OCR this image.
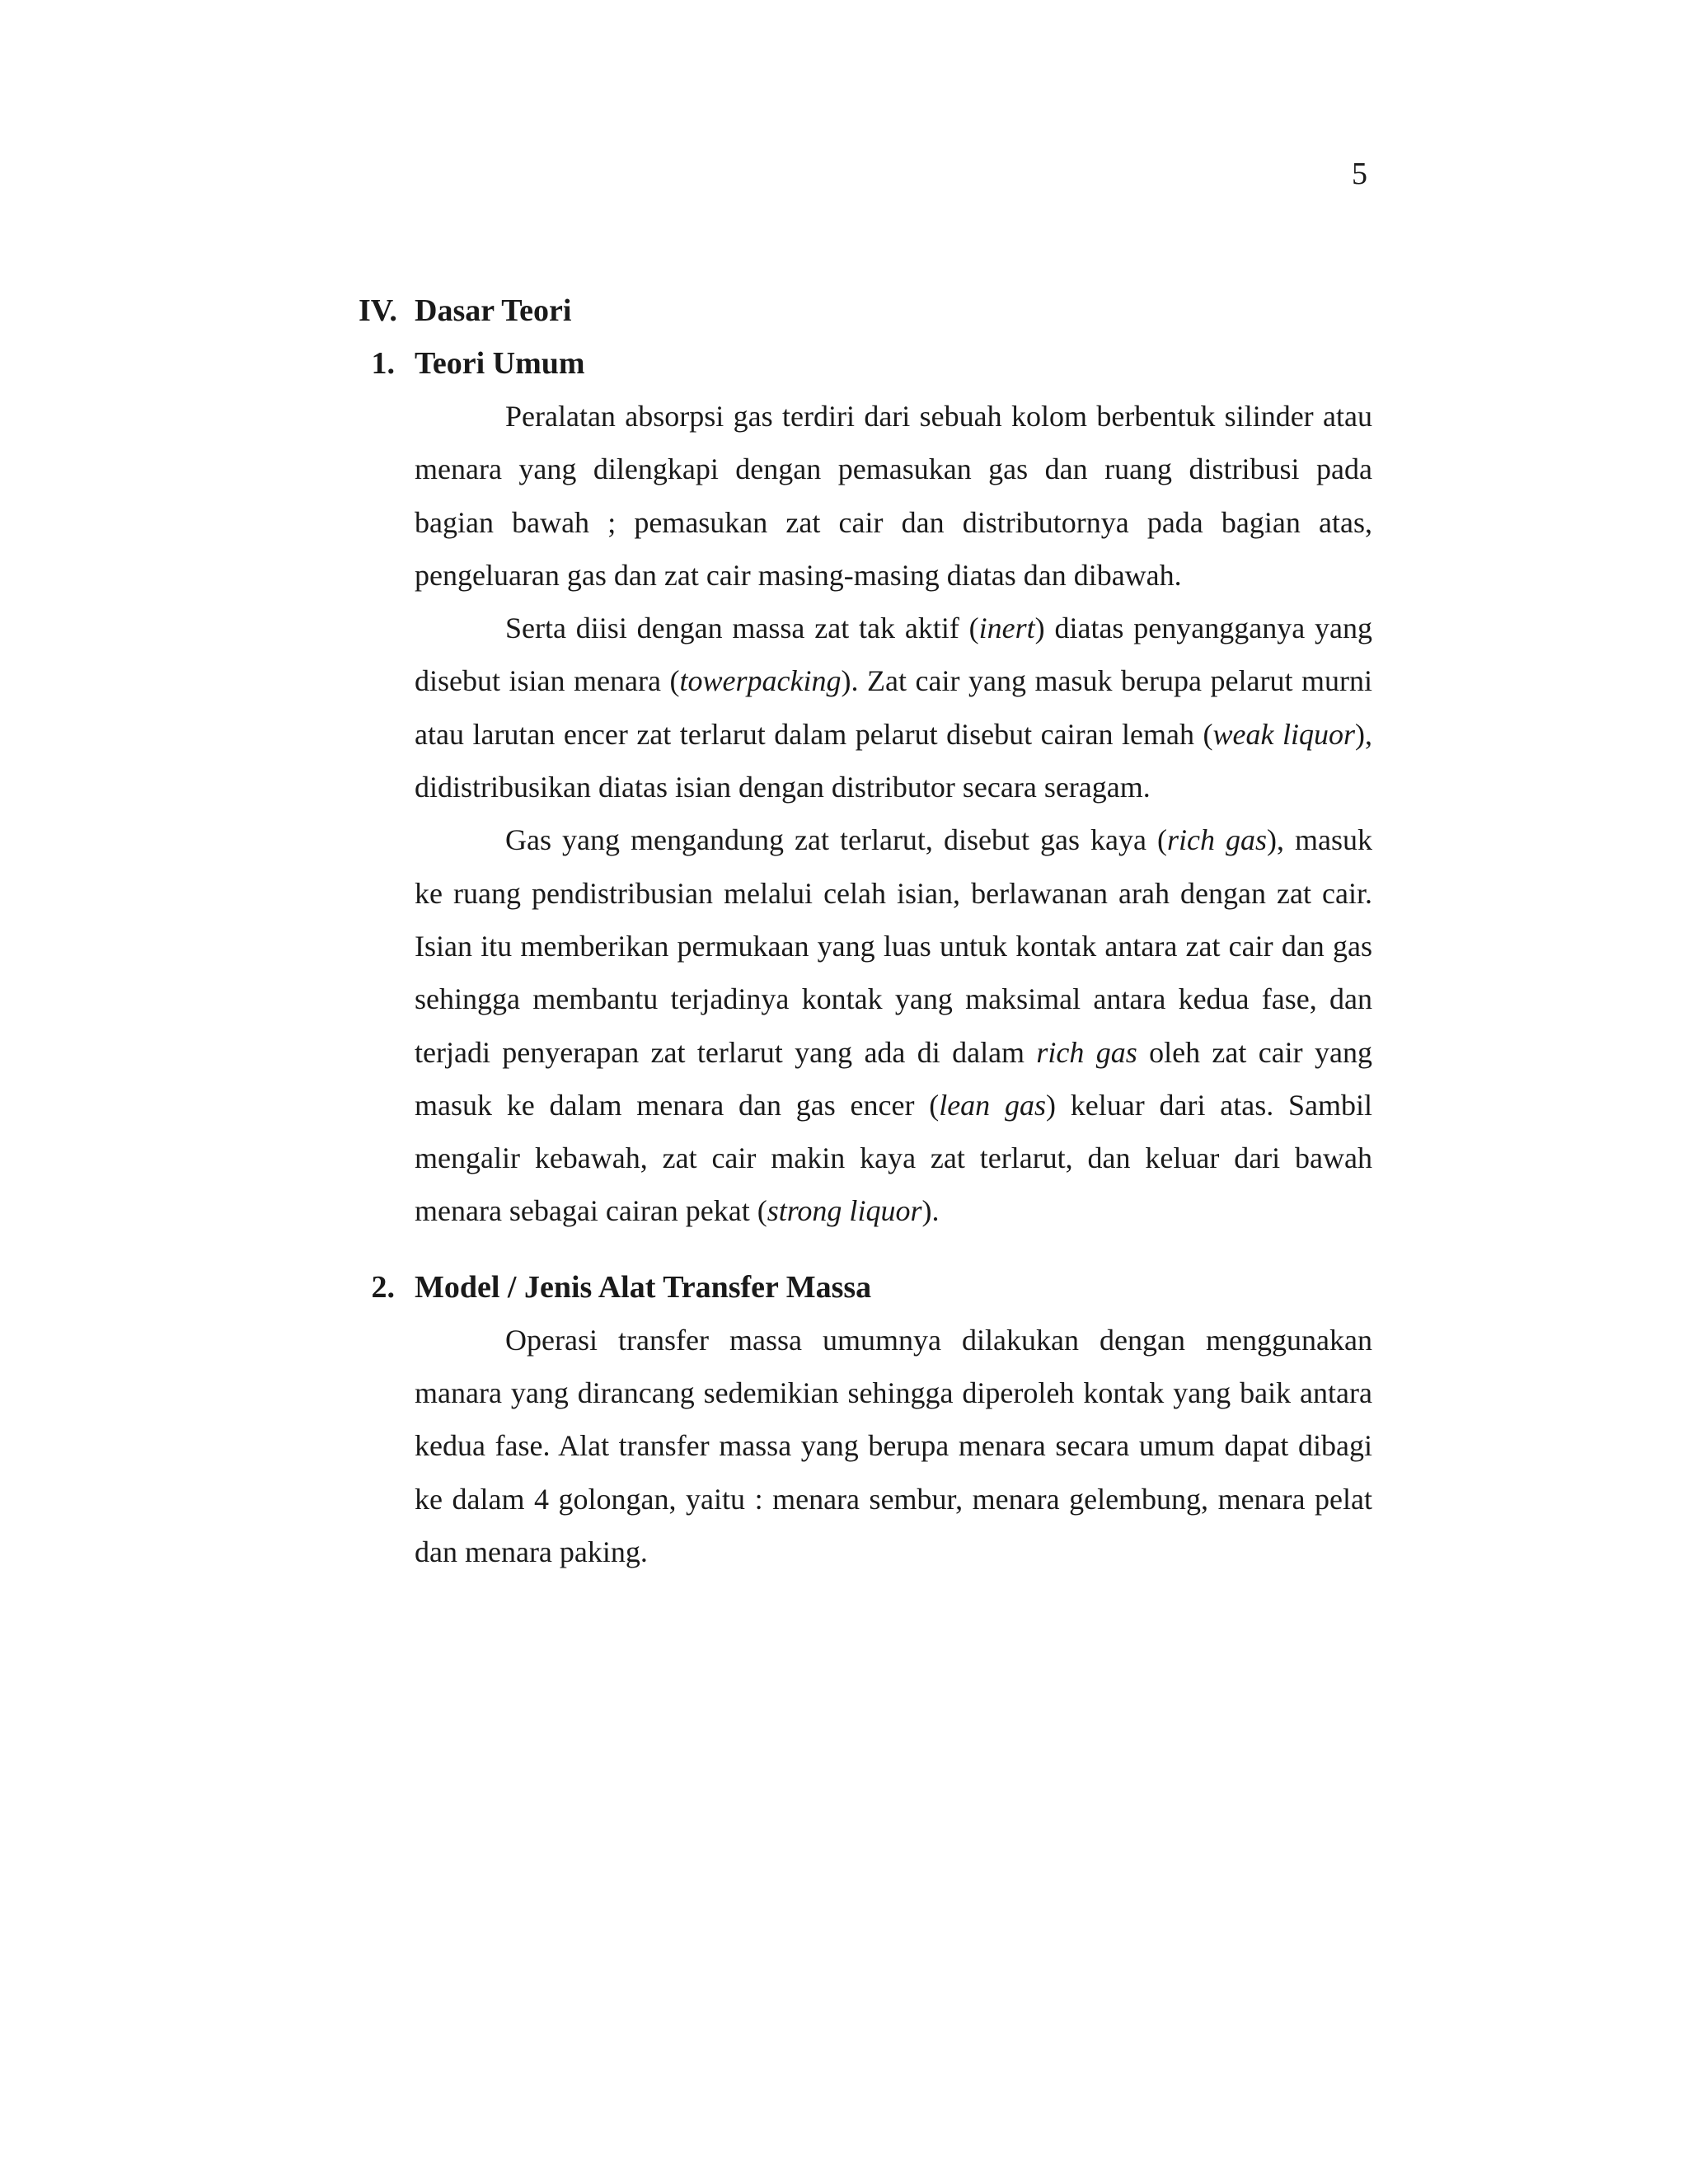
5
IV. Dasar Teori
1. Teori Umum

Peralatan absorpsi gas terdiri dari sebuah kolom berbentuk silinder atau menara yang dilengkapi dengan pemasukan gas dan ruang distribusi pada bagian bawah ; pemasukan zat cair dan distributornya pada bagian atas, pengeluaran gas dan zat cair masing-masing diatas dan dibawah.

Serta diisi dengan massa zat tak aktif (inert) diatas penyangganya yang disebut isian menara (towerpacking). Zat cair yang masuk berupa pelarut murni atau larutan encer zat terlarut dalam pelarut disebut cairan lemah (weak liquor), didistribusikan diatas isian dengan distributor secara seragam.

Gas yang mengandung zat terlarut, disebut gas kaya (rich gas), masuk ke ruang pendistribusian melalui celah isian, berlawanan arah dengan zat cair. Isian itu memberikan permukaan yang luas untuk kontak antara zat cair dan gas sehingga membantu terjadinya kontak yang maksimal antara kedua fase, dan terjadi penyerapan zat terlarut yang ada di dalam rich gas oleh zat cair yang masuk ke dalam menara dan gas encer (lean gas) keluar dari atas. Sambil mengalir kebawah, zat cair makin kaya zat terlarut, dan keluar dari bawah menara sebagai cairan pekat (strong liquor).

2. Model / Jenis Alat Transfer Massa

Operasi transfer massa umumnya dilakukan dengan menggunakan manara yang dirancang sedemikian sehingga diperoleh kontak yang baik antara kedua fase. Alat transfer massa yang berupa menara secara umum dapat dibagi ke dalam 4 golongan, yaitu : menara sembur, menara gelembung, menara pelat dan menara paking.
